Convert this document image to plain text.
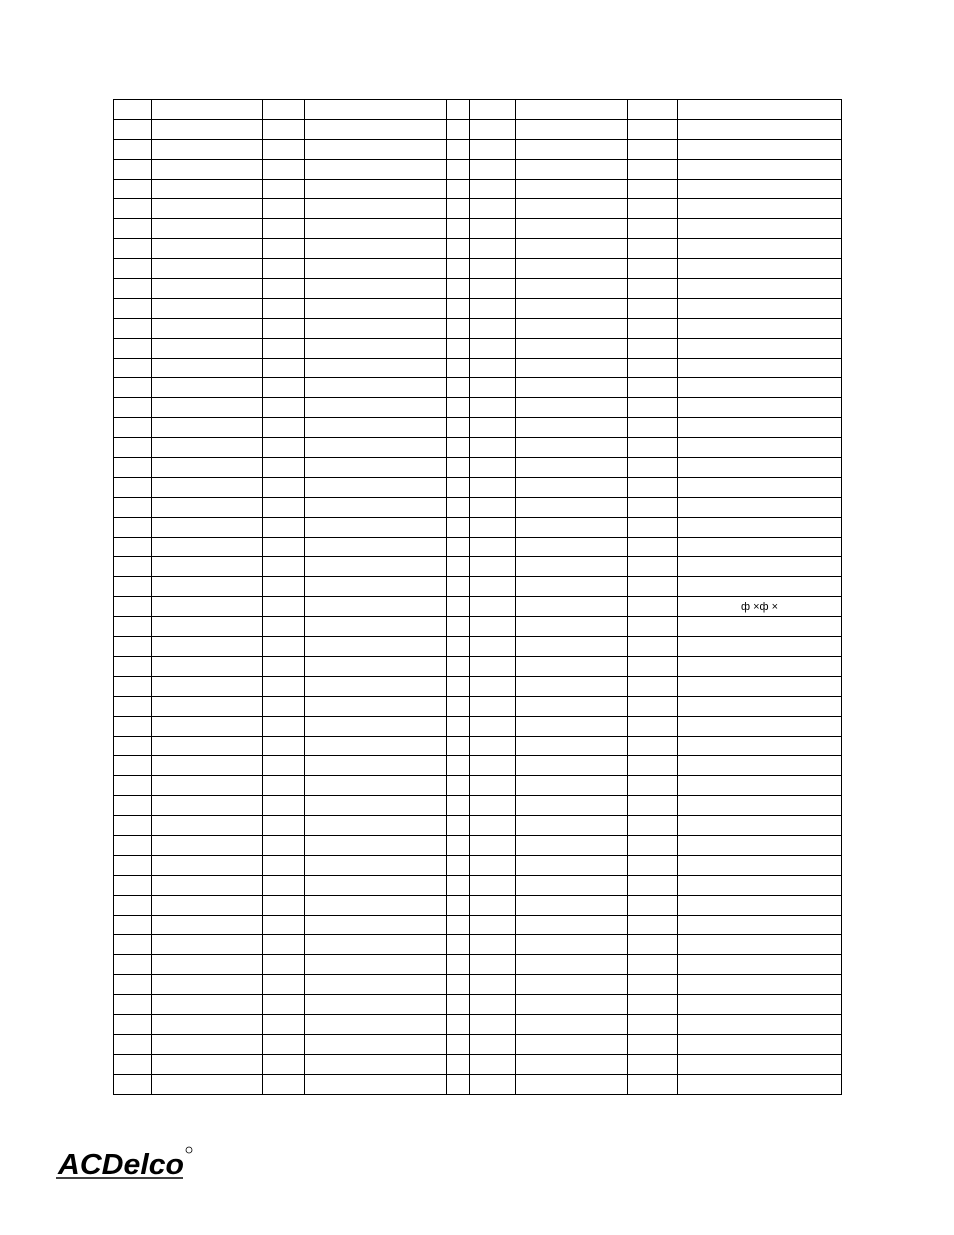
								ф ×ф ×

ACDelco
